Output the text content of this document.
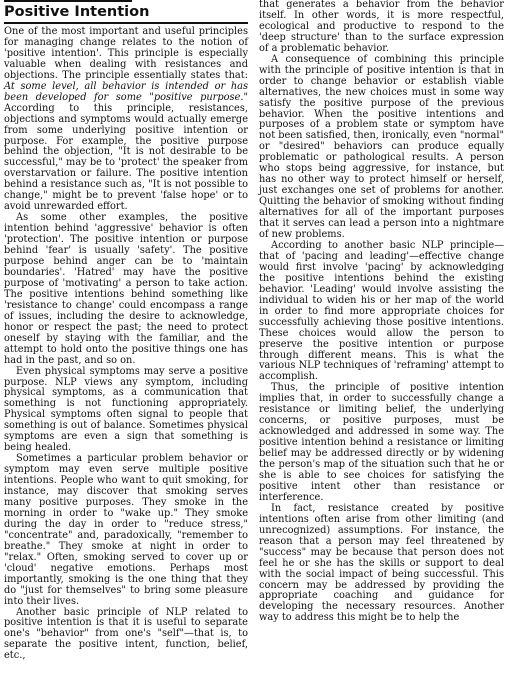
Positive Intention

One of the most important and useful principles for managing change relates to the notion of 'positive intention'. This principle is especially valuable when dealing with resistances and objections. The principle essentially states that: At some level, all behavior is intended or has been developed for some "positive purpose." According to this principle, resistances, objections and symptoms would actually emerge from some underlying positive intention or purpose. For example, the positive purpose behind the objection, "It is not desirable to be successful," may be to 'protect' the speaker from overstarvation or failure. The positive intention behind a resistance such as, "It is not possible to change," might be to prevent 'false hope' or to avoid unrewarded effort.

As some other examples, the positive intention behind 'aggressive' behavior is often 'protection'. The positive intention or purpose behind 'fear' is usually 'safety'. The positive purpose behind anger can be to 'maintain boundaries'. 'Hatred' may have the positive purpose of 'motivating' a person to take action. The positive intentions behind something like 'resistance to change' could encompass a range of issues, including the desire to acknowledge, honor or respect the past; the need to protect oneself by staying with the familiar, and the attempt to hold onto the positive things one has had in the past, and so on.

Even physical symptoms may serve a positive purpose. NLP views any symptom, including physical symptoms, as a communication that something is not functioning appropriately. Physical symptoms often signal to people that something is out of balance. Sometimes physical symptoms are even a sign that something is being healed.

Sometimes a particular problem behavior or symptom may even serve multiple positive intentions. People who want to quit smoking, for instance, may discover that smoking serves many positive purposes. They smoke in the morning in order to "wake up." They smoke during the day in order to "reduce stress," "concentrate" and, paradoxically, "remember to breathe." They smoke at night in order to "relax." Often, smoking served to cover up or 'cloud' negative emotions. Perhaps most importantly, smoking is the one thing that they do "just for themselves" to bring some pleasure into their lives.

Another basic principle of NLP related to positive intention is that it is useful to separate one's "behavior" from one's "self"—that is, to separate the positive intent, function, belief, etc.,

that generates a behavior from the behavior itself. In other words, it is more respectful, ecological and productive to respond to the 'deep structure' than to the surface expression of a problematic behavior.

A consequence of combining this principle with the principle of positive intention is that in order to change behavior or establish viable alternatives, the new choices must in some way satisfy the positive purpose of the previous behavior. When the positive intentions and purposes of a problem state or symptom have not been satisfied, then, ironically, even "normal" or "desired" behaviors can produce equally problematic or pathological results. A person who stops being aggressive, for instance, but has no other way to protect himself or herself, just exchanges one set of problems for another. Quitting the behavior of smoking without finding alternatives for all of the important purposes that it serves can lead a person into a nightmare of new problems.

According to another basic NLP principle—that of 'pacing and leading'—effective change would first involve 'pacing' by acknowledging the positive intentions behind the existing behavior. 'Leading' would involve assisting the individual to widen his or her map of the world in order to find more appropriate choices for successfully achieving those positive intentions. These choices would allow the person to preserve the positive intention or purpose through different means. This is what the various NLP techniques of 'reframing' attempt to accomplish.

Thus, the principle of positive intention implies that, in order to successfully change a resistance or limiting belief, the underlying concerns, or positive purposes, must be acknowledged and addressed in some way. The positive intention behind a resistance or limiting belief may be addressed directly or by widening the person's map of the situation such that he or she is able to see choices for satisfying the positive intent other than resistance or interference.

In fact, resistance created by positive intentions often arise from other limiting (and unrecognized) assumptions. For instance, the reason that a person may feel threatened by "success" may be because that person does not feel he or she has the skills or support to deal with the social impact of being successful. This concern may be addressed by providing the appropriate coaching and guidance for developing the necessary resources. Another way to address this might be to help the
